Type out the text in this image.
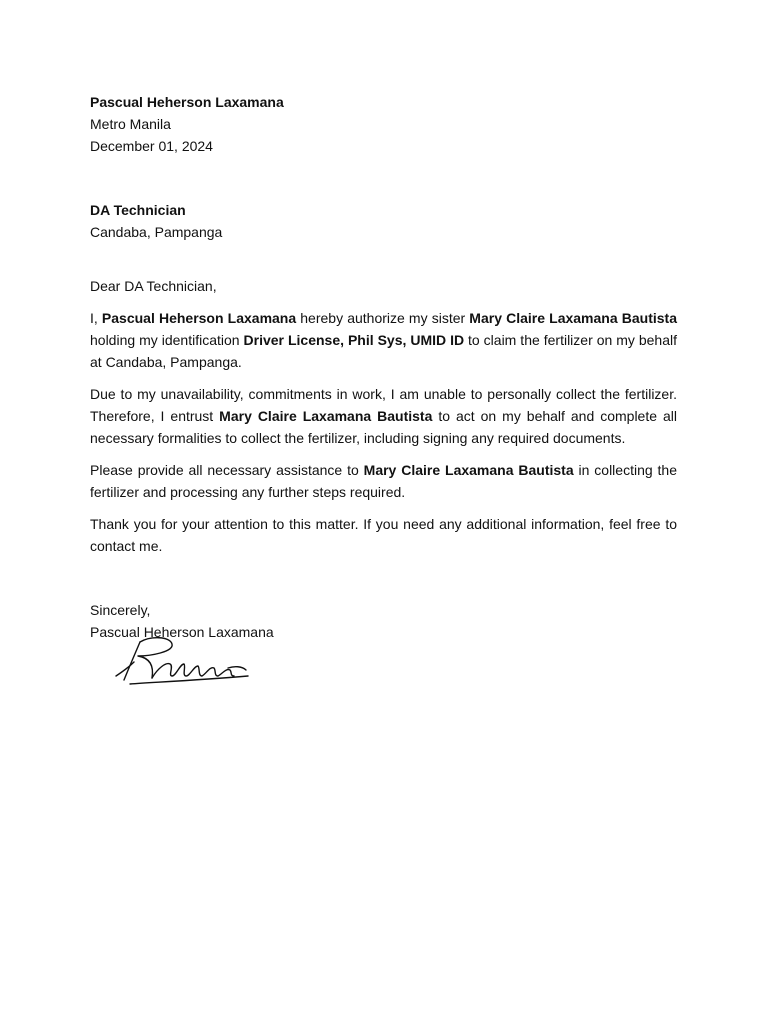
Pascual Heherson Laxamana
Metro Manila
December 01, 2024
DA Technician
Candaba, Pampanga

Dear DA Technician,

I, Pascual Heherson Laxamana hereby authorize my sister Mary Claire Laxamana Bautista holding my identification Driver License, Phil Sys, UMID ID to claim the fertilizer on my behalf at Candaba, Pampanga.

Due to my unavailability, commitments in work, I am unable to personally collect the fertilizer. Therefore, I entrust Mary Claire Laxamana Bautista to act on my behalf and complete all necessary formalities to collect the fertilizer, including signing any required documents.

Please provide all necessary assistance to Mary Claire Laxamana Bautista in collecting the fertilizer and processing any further steps required.

Thank you for your attention to this matter. If you need any additional information, feel free to contact me.

Sincerely,
Pascual Heherson Laxamana
